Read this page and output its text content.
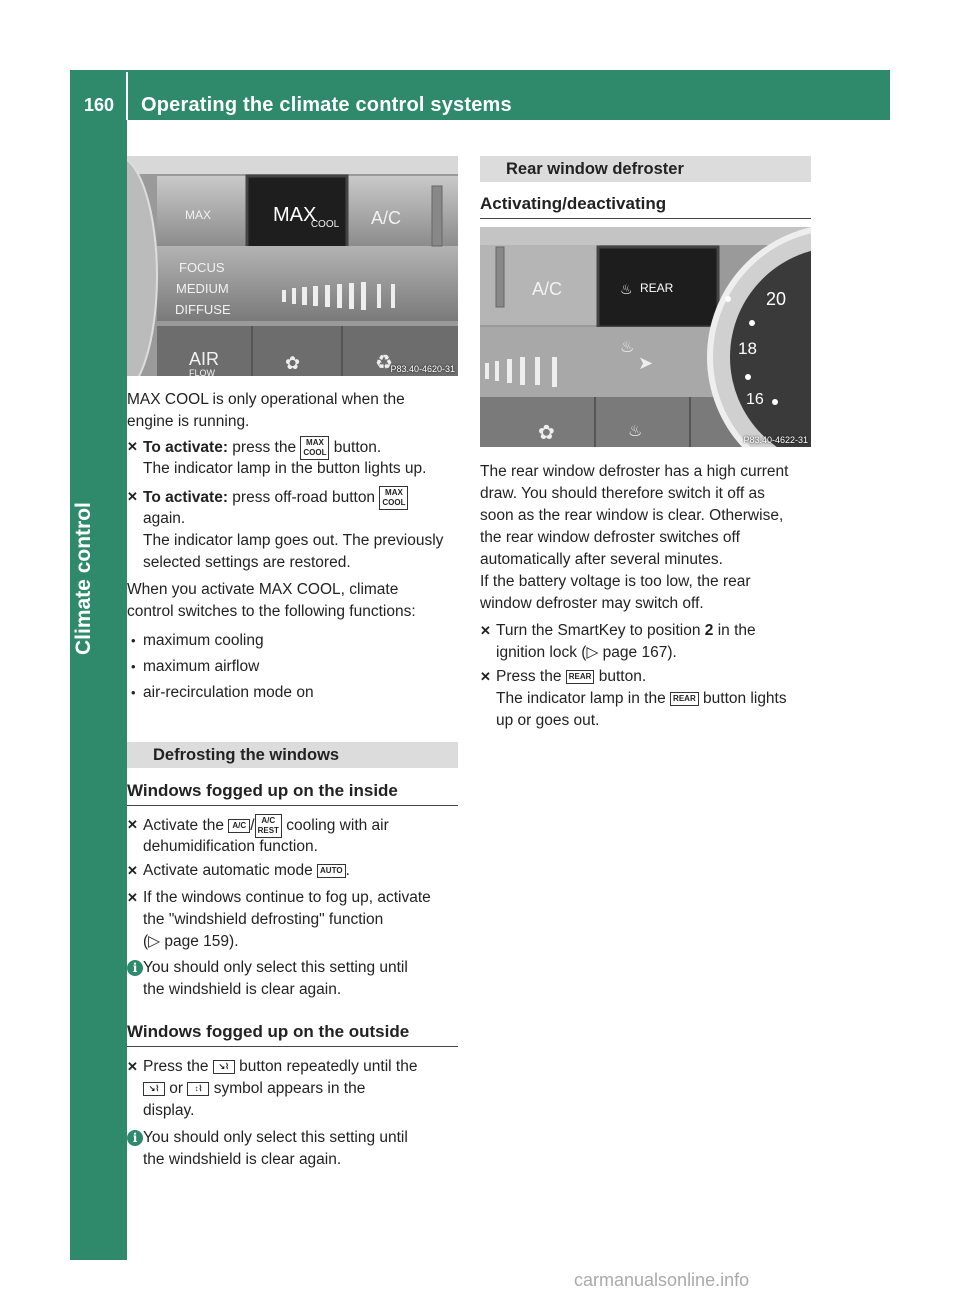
160	Operating the climate control systems
Climate control
COOL
MAX	MAX	A/C
FOCUS
MEDIUM
DIFFUSE
AIR
FLOW	✿	♻
P83.40-4620-31

MAX COOL is only operational when the

engine is running.

✕ To activate: press the MAX
COOL button.

The indicator lamp in the button lights up.

✕ To activate: press off-road button MAX
COOL

again.

The indicator lamp goes out. The previously

selected settings are restored.

When you activate MAX COOL, climate

control switches to the following functions:

• maximum cooling

• maximum airflow

• air-recirculation mode on

Defrosting the windows
Windows fogged up on the inside
✕ Activate the A/C / A/C
REST cooling with air

dehumidification function.

✕ Activate automatic mode AUTO .

✕ If the windows continue to fog up, activate

the "windshield defrosting" function

(▷ page 159).

i You should only select this setting until

the windshield is clear again.

Windows fogged up on the outside
✕ Press the ↘⌇ button repeatedly until the

↘⌇ or ↕⌇ symbol appears in the

display.

i You should only select this setting until

the windshield is clear again.

Rear window defroster
Activating/deactivating
A/C	♨ REAR
20
18
16
♨
➤
✿	♨	P83.40-4622-31

The rear window defroster has a high current

draw. You should therefore switch it off as

soon as the rear window is clear. Otherwise,

the rear window defroster switches off

automatically after several minutes.

If the battery voltage is too low, the rear

window defroster may switch off.

✕ Turn the SmartKey to position 2 in the

ignition lock (▷ page 167).

✕ Press the REAR button.

The indicator lamp in the REAR button lights

up or goes out.

carmanualsonline.info
